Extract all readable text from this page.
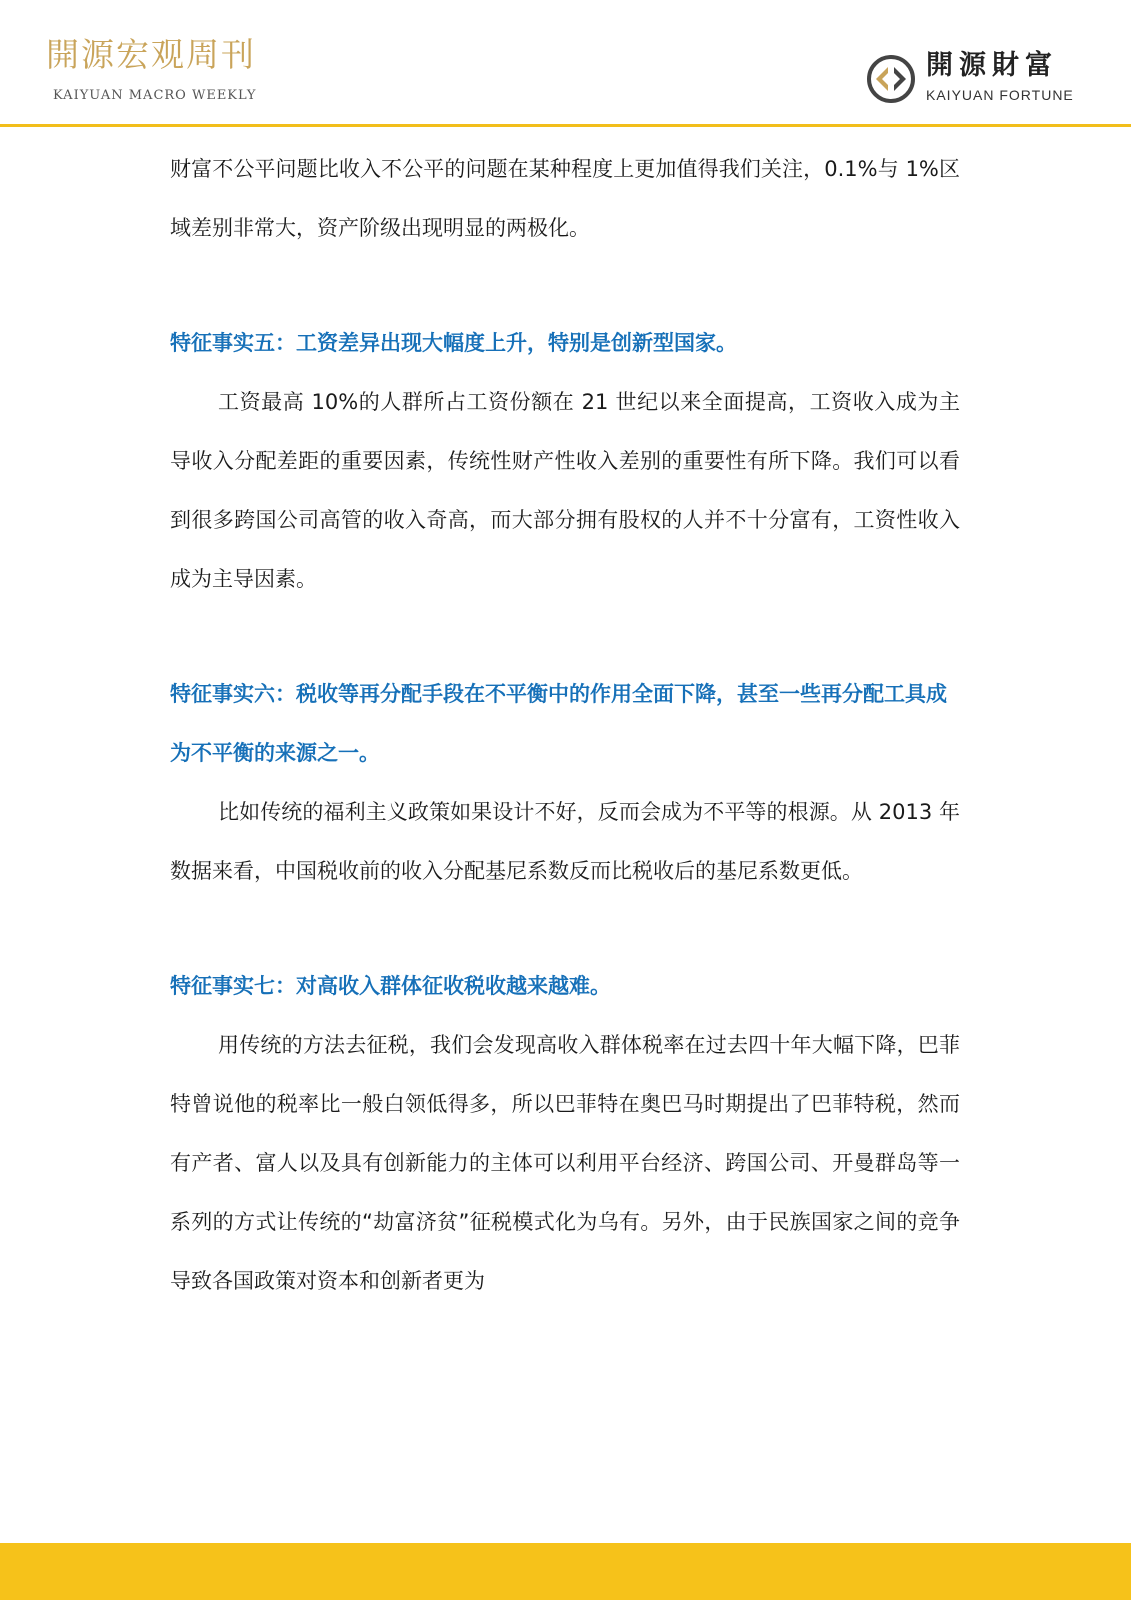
開源宏观周刊
KAIYUAN MACRO WEEKLY
開源財富
KAIYUAN FORTUNE

财富不公平问题比收入不公平的问题在某种程度上更加值得我们关注，0.1%与 1%区域差别非常大，资产阶级出现明显的两极化。

特征事实五：工资差异出现大幅度上升，特别是创新型国家。

工资最高 10%的人群所占工资份额在 21 世纪以来全面提高，工资收入成为主导收入分配差距的重要因素，传统性财产性收入差别的重要性有所下降。我们可以看到很多跨国公司高管的收入奇高，而大部分拥有股权的人并不十分富有，工资性收入成为主导因素。

特征事实六：税收等再分配手段在不平衡中的作用全面下降，甚至一些再分配工具成为不平衡的来源之一。

比如传统的福利主义政策如果设计不好，反而会成为不平等的根源。从 2013 年数据来看，中国税收前的收入分配基尼系数反而比税收后的基尼系数更低。

特征事实七：对高收入群体征收税收越来越难。

用传统的方法去征税，我们会发现高收入群体税率在过去四十年大幅下降，巴菲特曾说他的税率比一般白领低得多，所以巴菲特在奥巴马时期提出了巴菲特税，然而有产者、富人以及具有创新能力的主体可以利用平台经济、跨国公司、开曼群岛等一系列的方式让传统的“劫富济贫”征税模式化为乌有。另外，由于民族国家之间的竞争导致各国政策对资本和创新者更为
